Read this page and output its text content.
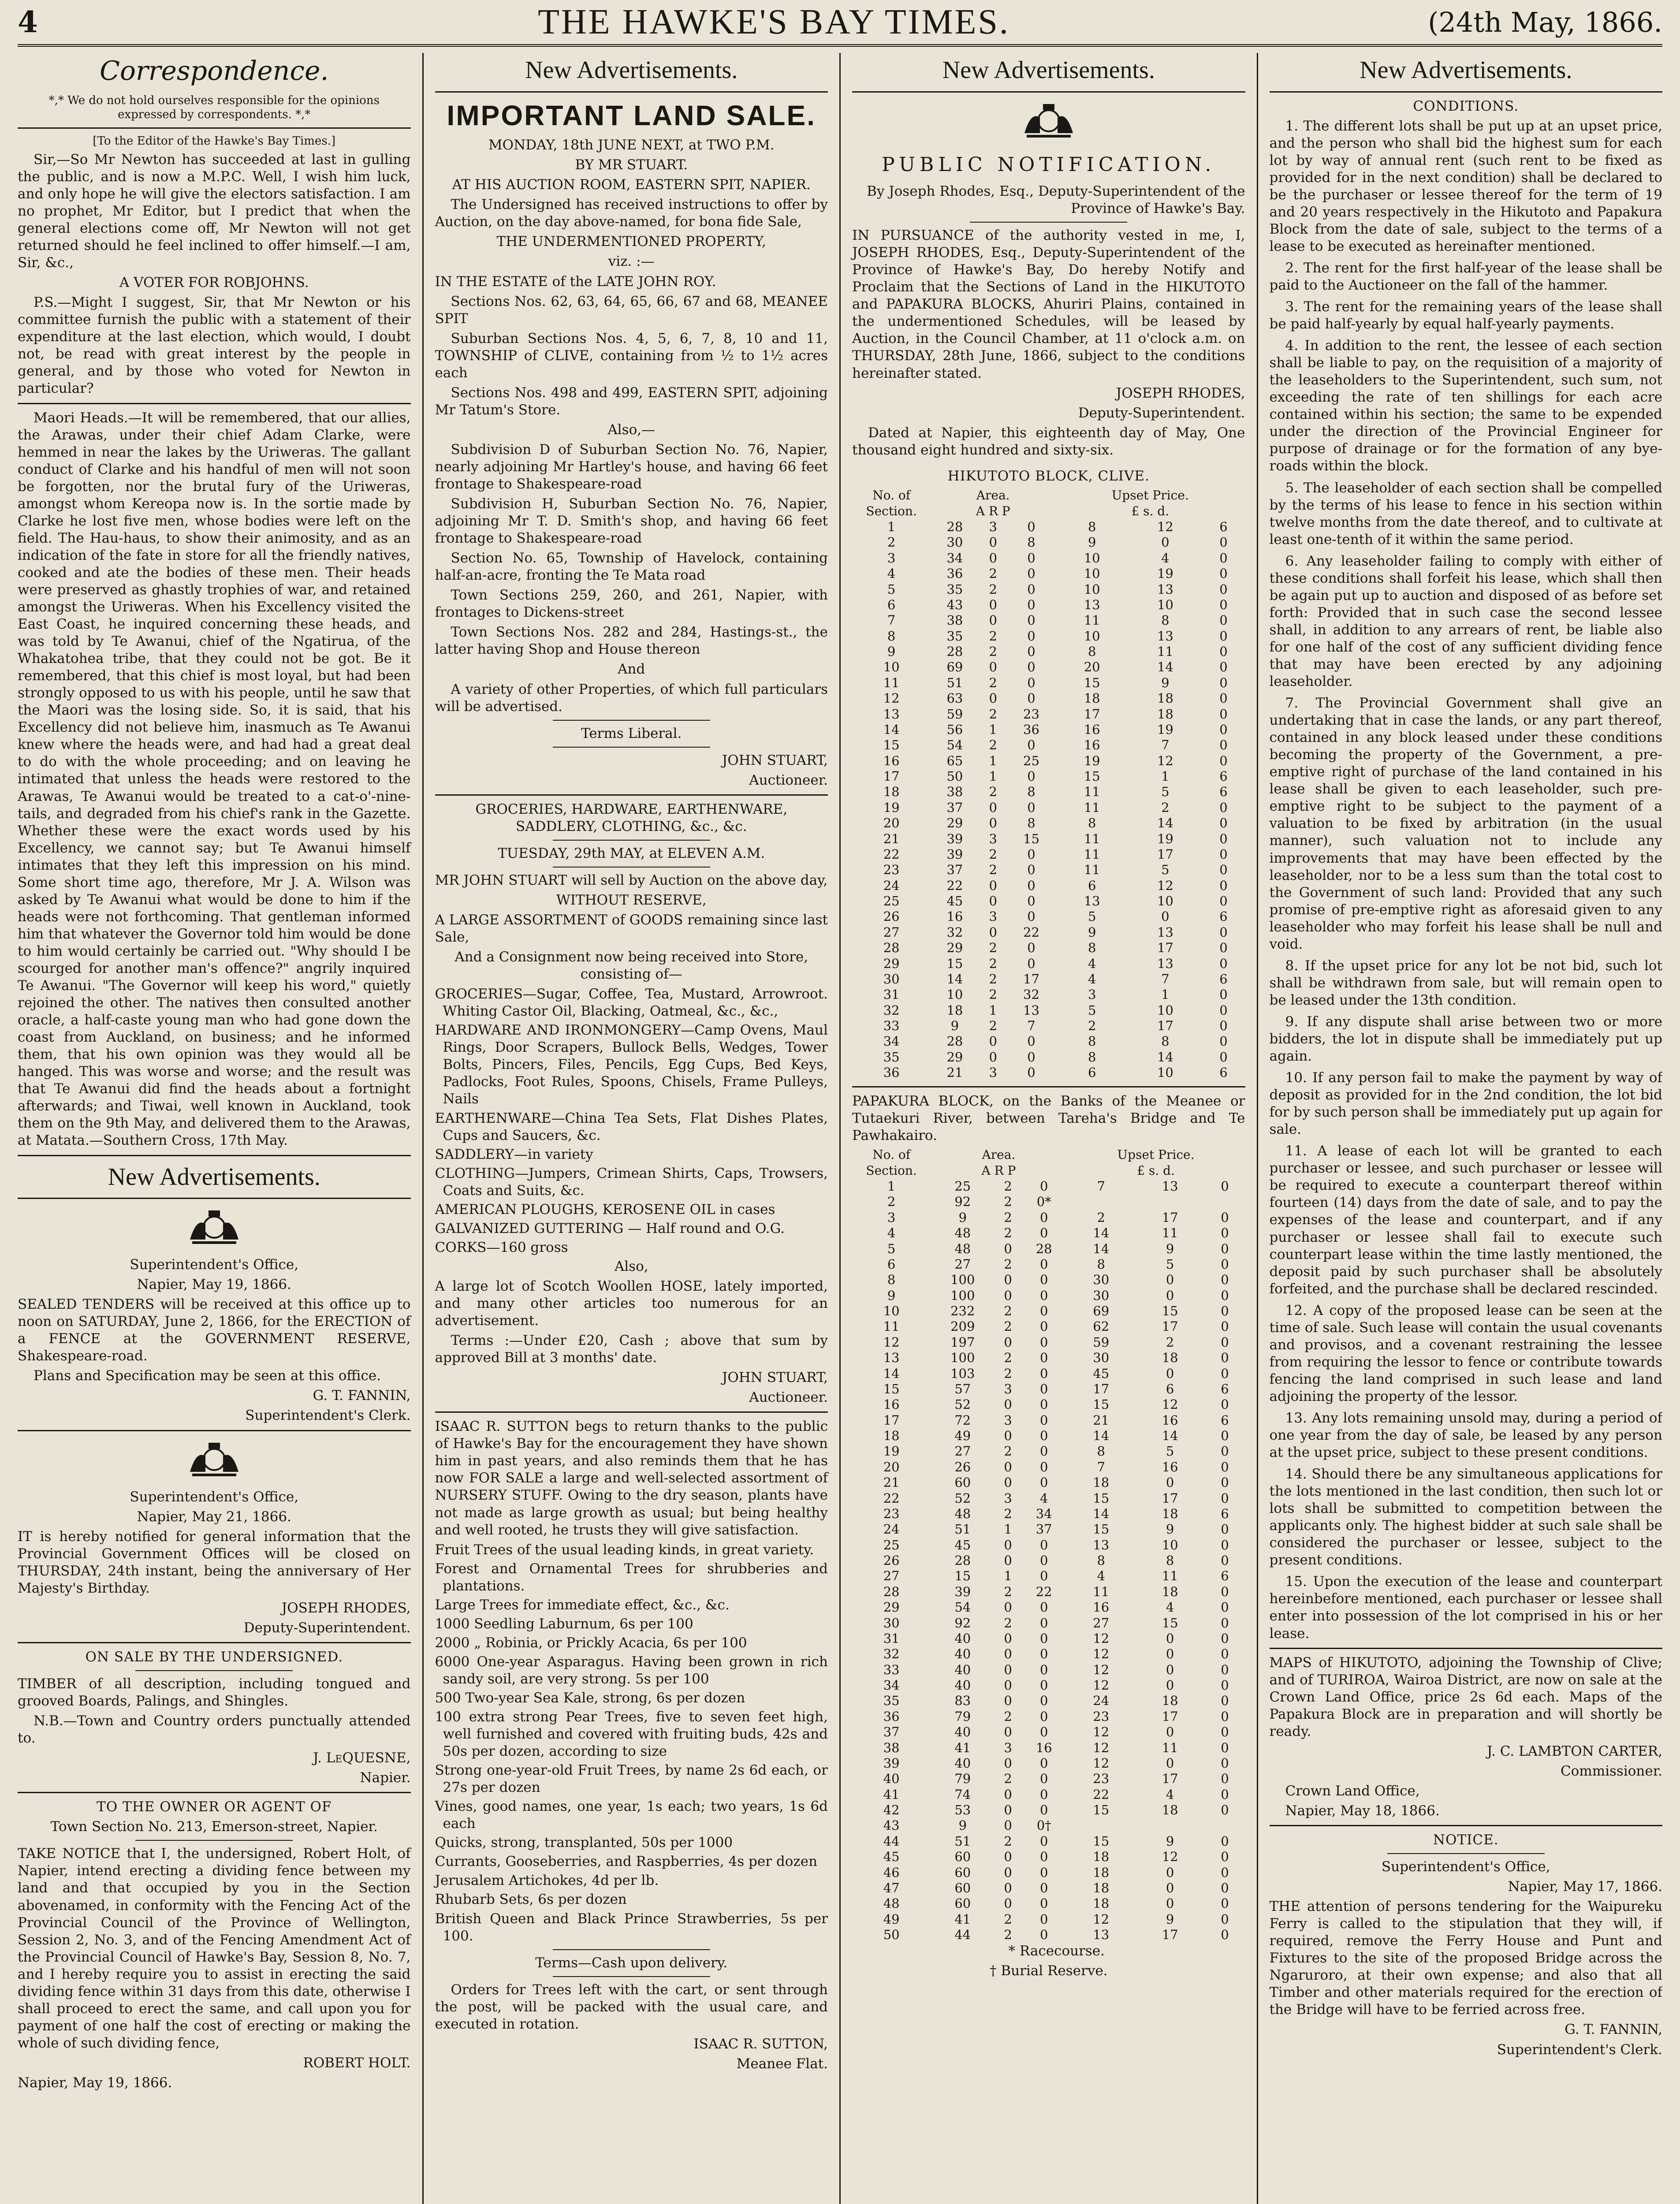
4	THE HAWKE'S BAY TIMES.	(24th May, 1866.
Correspondence.

*,* We do not hold ourselves responsible for the opinions expressed by correspondents. *,*

[To the Editor of the Hawke's Bay Times.]

Sir,—So Mr Newton has succeeded at last in gulling the public, and is now a M.P.C. Well, I wish him luck, and only hope he will give the electors satisfaction. I am no prophet, Mr Editor, but I predict that when the general elections come off, Mr Newton will not get returned should he feel inclined to offer himself.—I am, Sir, &c.,

A VOTER FOR ROBJOHNS.

P.S.—Might I suggest, Sir, that Mr Newton or his committee furnish the public with a statement of their expenditure at the last election, which would, I doubt not, be read with great interest by the people in general, and by those who voted for Newton in particular?

Maori Heads.—It will be remembered, that our allies, the Arawas, under their chief Adam Clarke, were hemmed in near the lakes by the Uriweras. The gallant conduct of Clarke and his handful of men will not soon be forgotten, nor the brutal fury of the Uriweras, amongst whom Kereopa now is. In the sortie made by Clarke he lost five men, whose bodies were left on the field. The Hau-haus, to show their animosity, and as an indication of the fate in store for all the friendly natives, cooked and ate the bodies of these men. Their heads were preserved as ghastly trophies of war, and retained amongst the Uriweras. When his Excellency visited the East Coast, he inquired concerning these heads, and was told by Te Awanui, chief of the Ngatirua, of the Whakatohea tribe, that they could not be got. Be it remembered, that this chief is most loyal, but had been strongly opposed to us with his people, until he saw that the Maori was the losing side. So, it is said, that his Excellency did not believe him, inasmuch as Te Awanui knew where the heads were, and had had a great deal to do with the whole proceeding; and on leaving he intimated that unless the heads were restored to the Arawas, Te Awanui would be treated to a cat-o'-nine-tails, and degraded from his chief's rank in the Gazette. Whether these were the exact words used by his Excellency, we cannot say; but Te Awanui himself intimates that they left this impression on his mind. Some short time ago, therefore, Mr J. A. Wilson was asked by Te Awanui what would be done to him if the heads were not forthcoming. That gentleman informed him that whatever the Governor told him would be done to him would certainly be carried out. "Why should I be scourged for another man's offence?" angrily inquired Te Awanui. "The Governor will keep his word," quietly rejoined the other. The natives then consulted another oracle, a half-caste young man who had gone down the coast from Auckland, on business; and he informed them, that his own opinion was they would all be hanged. This was worse and worse; and the result was that Te Awanui did find the heads about a fortnight afterwards; and Tiwai, well known in Auckland, took them on the 9th May, and delivered them to the Arawas, at Matata.—Southern Cross, 17th May.

New Advertisements.

Superintendent's Office,

Napier, May 19, 1866.

SEALED TENDERS will be received at this office up to noon on SATURDAY, June 2, 1866, for the ERECTION of a FENCE at the GOVERNMENT RESERVE, Shakespeare-road.

Plans and Specification may be seen at this office.

G. T. FANNIN,

Superintendent's Clerk.

Superintendent's Office,

Napier, May 21, 1866.

IT is hereby notified for general information that the Provincial Government Offices will be closed on THURSDAY, 24th instant, being the anniversary of Her Majesty's Birthday.

JOSEPH RHODES,

Deputy-Superintendent.

ON SALE BY THE UNDERSIGNED.

TIMBER of all description, including tongued and grooved Boards, Palings, and Shingles.

N.B.—Town and Country orders punctually attended to.

J. LeQUESNE,

Napier.

TO THE OWNER OR AGENT OF

Town Section No. 213, Emerson-street, Napier.

TAKE NOTICE that I, the undersigned, Robert Holt, of Napier, intend erecting a dividing fence between my land and that occupied by you in the Section abovenamed, in conformity with the Fencing Act of the Provincial Council of the Province of Wellington, Session 2, No. 3, and of the Fencing Amendment Act of the Provincial Council of Hawke's Bay, Session 8, No. 7, and I hereby require you to assist in erecting the said dividing fence within 31 days from this date, otherwise I shall proceed to erect the same, and call upon you for payment of one half the cost of erecting or making the whole of such dividing fence,

ROBERT HOLT.

Napier, May 19, 1866.

New Advertisements.
IMPORTANT LAND SALE.

MONDAY, 18th JUNE NEXT, at TWO P.M.

BY MR STUART.

AT HIS AUCTION ROOM, EASTERN SPIT, NAPIER.

The Undersigned has received instructions to offer by Auction, on the day above-named, for bona fide Sale,

THE UNDERMENTIONED PROPERTY,

viz. :—

IN THE ESTATE of the LATE JOHN ROY.

Sections Nos. 62, 63, 64, 65, 66, 67 and 68, MEANEE SPIT

Suburban Sections Nos. 4, 5, 6, 7, 8, 10 and 11, TOWNSHIP of CLIVE, containing from ½ to 1½ acres each

Sections Nos. 498 and 499, EASTERN SPIT, adjoining Mr Tatum's Store.

Also,—

Subdivision D of Suburban Section No. 76, Napier, nearly adjoining Mr Hartley's house, and having 66 feet frontage to Shakespeare-road

Subdivision H, Suburban Section No. 76, Napier, adjoining Mr T. D. Smith's shop, and having 66 feet frontage to Shakespeare-road

Section No. 65, Township of Havelock, containing half-an-acre, fronting the Te Mata road

Town Sections 259, 260, and 261, Napier, with frontages to Dickens-street

Town Sections Nos. 282 and 284, Hastings-st., the latter having Shop and House thereon

And

A variety of other Properties, of which full particulars will be advertised.

Terms Liberal.

JOHN STUART,

Auctioneer.

GROCERIES, HARDWARE, EARTHENWARE, SADDLERY, CLOTHING, &c., &c.

TUESDAY, 29th MAY, at ELEVEN A.M.

MR JOHN STUART will sell by Auction on the above day,

WITHOUT RESERVE,

A LARGE ASSORTMENT of GOODS remaining since last Sale,

And a Consignment now being received into Store, consisting of—

GROCERIES—Sugar, Coffee, Tea, Mustard, Arrowroot. Whiting Castor Oil, Blacking, Oatmeal, &c., &c.,
HARDWARE AND IRONMONGERY—Camp Ovens, Maul Rings, Door Scrapers, Bullock Bells, Wedges, Tower Bolts, Pincers, Files, Pencils, Egg Cups, Bed Keys, Padlocks, Foot Rules, Spoons, Chisels, Frame Pulleys, Nails
EARTHENWARE—China Tea Sets, Flat Dishes Plates, Cups and Saucers, &c.
SADDLERY—in variety
CLOTHING—Jumpers, Crimean Shirts, Caps, Trowsers, Coats and Suits, &c.
AMERICAN PLOUGHS, KEROSENE OIL in cases
GALVANIZED GUTTERING — Half round and O.G.
CORKS—160 gross

Also,

A large lot of Scotch Woollen HOSE, lately imported, and many other articles too numerous for an advertisement.

Terms :—Under £20, Cash ; above that sum by approved Bill at 3 months' date.

JOHN STUART,

Auctioneer.

ISAAC R. SUTTON begs to return thanks to the public of Hawke's Bay for the encouragement they have shown him in past years, and also reminds them that he has now FOR SALE a large and well-selected assortment of NURSERY STUFF. Owing to the dry season, plants have not made as large growth as usual; but being healthy and well rooted, he trusts they will give satisfaction.

Fruit Trees of the usual leading kinds, in great variety.
Forest and Ornamental Trees for shrubberies and plantations.
Large Trees for immediate effect, &c., &c.
1000 Seedling Laburnum, 6s per 100
2000 „ Robinia, or Prickly Acacia, 6s per 100
6000 One-year Asparagus. Having been grown in rich sandy soil, are very strong. 5s per 100
500 Two-year Sea Kale, strong, 6s per dozen
100 extra strong Pear Trees, five to seven feet high, well furnished and covered with fruiting buds, 42s and 50s per dozen, according to size
Strong one-year-old Fruit Trees, by name 2s 6d each, or 27s per dozen
Vines, good names, one year, 1s each; two years, 1s 6d each
Quicks, strong, transplanted, 50s per 1000
Currants, Gooseberries, and Raspberries, 4s per dozen
Jerusalem Artichokes, 4d per lb.
Rhubarb Sets, 6s per dozen
British Queen and Black Prince Strawberries, 5s per 100.

Terms—Cash upon delivery.

Orders for Trees left with the cart, or sent through the post, will be packed with the usual care, and executed in rotation.

ISAAC R. SUTTON,

Meanee Flat.

New Advertisements.
PUBLIC NOTIFICATION.

By Joseph Rhodes, Esq., Deputy-Superintendent of the Province of Hawke's Bay.

IN PURSUANCE of the authority vested in me, I, JOSEPH RHODES, Esq., Deputy-Superintendent of the Province of Hawke's Bay, Do hereby Notify and Proclaim that the Sections of Land in the HIKUTOTO and PAPAKURA BLOCKS, Ahuriri Plains, contained in the undermentioned Schedules, will be leased by Auction, in the Council Chamber, at 11 o'clock a.m. on THURSDAY, 28th June, 1866, subject to the conditions hereinafter stated.

JOSEPH RHODES,

Deputy-Superintendent.

Dated at Napier, this eighteenth day of May, One thousand eight hundred and sixty-six.

HIKUTOTO BLOCK, CLIVE.

No. of	Area.			Upset Price.		
Section.	A R P			£ s. d.		
1	28	3	0	8	12	6
2	30	0	8	9	0	0
3	34	0	0	10	4	0
4	36	2	0	10	19	0
5	35	2	0	10	13	0
6	43	0	0	13	10	0
7	38	0	0	11	8	0
8	35	2	0	10	13	0
9	28	2	0	8	11	0
10	69	0	0	20	14	0
11	51	2	0	15	9	0
12	63	0	0	18	18	0
13	59	2	23	17	18	0
14	56	1	36	16	19	0
15	54	2	0	16	7	0
16	65	1	25	19	12	0
17	50	1	0	15	1	6
18	38	2	8	11	5	6
19	37	0	0	11	2	0
20	29	0	8	8	14	0
21	39	3	15	11	19	0
22	39	2	0	11	17	0
23	37	2	0	11	5	0
24	22	0	0	6	12	0
25	45	0	0	13	10	0
26	16	3	0	5	0	6
27	32	0	22	9	13	0
28	29	2	0	8	17	0
29	15	2	0	4	13	0
30	14	2	17	4	7	6
31	10	2	32	3	1	0
32	18	1	13	5	10	0
33	9	2	7	2	17	0
34	28	0	0	8	8	0
35	29	0	0	8	14	0
36	21	3	0	6	10	6

PAPAKURA BLOCK, on the Banks of the Meanee or Tutaekuri River, between Tareha's Bridge and Te Pawhakairo.

No. of	Area.			Upset Price.		
Section.	A R P			£ s. d.		
1	25	2	0	7	13	0
2	92	2	0*			
3	9	2	0	2	17	0
4	48	2	0	14	11	0
5	48	0	28	14	9	0
6	27	2	0	8	5	0
8	100	0	0	30	0	0
9	100	0	0	30	0	0
10	232	2	0	69	15	0
11	209	2	0	62	17	0
12	197	0	0	59	2	0
13	100	2	0	30	18	0
14	103	2	0	45	0	0
15	57	3	0	17	6	6
16	52	0	0	15	12	0
17	72	3	0	21	16	6
18	49	0	0	14	14	0
19	27	2	0	8	5	0
20	26	0	0	7	16	0
21	60	0	0	18	0	0
22	52	3	4	15	17	0
23	48	2	34	14	18	6
24	51	1	37	15	9	0
25	45	0	0	13	10	0
26	28	0	0	8	8	0
27	15	1	0	4	11	6
28	39	2	22	11	18	0
29	54	0	0	16	4	0
30	92	2	0	27	15	0
31	40	0	0	12	0	0
32	40	0	0	12	0	0
33	40	0	0	12	0	0
34	40	0	0	12	0	0
35	83	0	0	24	18	0
36	79	2	0	23	17	0
37	40	0	0	12	0	0
38	41	3	16	12	11	0
39	40	0	0	12	0	0
40	79	2	0	23	17	0
41	74	0	0	22	4	0
42	53	0	0	15	18	0
43	9	0	0†			
44	51	2	0	15	9	0
45	60	0	0	18	12	0
46	60	0	0	18	0	0
47	60	0	0	18	0	0
48	60	0	0	18	0	0
49	41	2	0	12	9	0
50	44	2	0	13	17	0

* Racecourse.

† Burial Reserve.

New Advertisements.

CONDITIONS.

1. The different lots shall be put up at an upset price, and the person who shall bid the highest sum for each lot by way of annual rent (such rent to be fixed as provided for in the next condition) shall be declared to be the purchaser or lessee thereof for the term of 19 and 20 years respectively in the Hikutoto and Papakura Block from the date of sale, subject to the terms of a lease to be executed as hereinafter mentioned.
2. The rent for the first half-year of the lease shall be paid to the Auctioneer on the fall of the hammer.
3. The rent for the remaining years of the lease shall be paid half-yearly by equal half-yearly payments.
4. In addition to the rent, the lessee of each section shall be liable to pay, on the requisition of a majority of the leaseholders to the Superintendent, such sum, not exceeding the rate of ten shillings for each acre contained within his section; the same to be expended under the direction of the Provincial Engineer for purpose of drainage or for the formation of any bye-roads within the block.
5. The leaseholder of each section shall be compelled by the terms of his lease to fence in his section within twelve months from the date thereof, and to cultivate at least one-tenth of it within the same period.
6. Any leaseholder failing to comply with either of these conditions shall forfeit his lease, which shall then be again put up to auction and disposed of as before set forth: Provided that in such case the second lessee shall, in addition to any arrears of rent, be liable also for one half of the cost of any sufficient dividing fence that may have been erected by any adjoining leaseholder.
7. The Provincial Government shall give an undertaking that in case the lands, or any part thereof, contained in any block leased under these conditions becoming the property of the Government, a pre-emptive right of purchase of the land contained in his lease shall be given to each leaseholder, such pre-emptive right to be subject to the payment of a valuation to be fixed by arbitration (in the usual manner), such valuation not to include any improvements that may have been effected by the leaseholder, nor to be a less sum than the total cost to the Government of such land: Provided that any such promise of pre-emptive right as aforesaid given to any leaseholder who may forfeit his lease shall be null and void.
8. If the upset price for any lot be not bid, such lot shall be withdrawn from sale, but will remain open to be leased under the 13th condition.
9. If any dispute shall arise between two or more bidders, the lot in dispute shall be immediately put up again.
10. If any person fail to make the payment by way of deposit as provided for in the 2nd condition, the lot bid for by such person shall be immediately put up again for sale.
11. A lease of each lot will be granted to each purchaser or lessee, and such purchaser or lessee will be required to execute a counterpart thereof within fourteen (14) days from the date of sale, and to pay the expenses of the lease and counterpart, and if any purchaser or lessee shall fail to execute such counterpart lease within the time lastly mentioned, the deposit paid by such purchaser shall be absolutely forfeited, and the purchase shall be declared rescinded.
12. A copy of the proposed lease can be seen at the time of sale. Such lease will contain the usual covenants and provisos, and a covenant restraining the lessee from requiring the lessor to fence or contribute towards fencing the land comprised in such lease and land adjoining the property of the lessor.
13. Any lots remaining unsold may, during a period of one year from the day of sale, be leased by any person at the upset price, subject to these present conditions.
14. Should there be any simultaneous applications for the lots mentioned in the last condition, then such lot or lots shall be submitted to competition between the applicants only. The highest bidder at such sale shall be considered the purchaser or lessee, subject to the present conditions.
15. Upon the execution of the lease and counterpart hereinbefore mentioned, each purchaser or lessee shall enter into possession of the lot comprised in his or her lease.

MAPS of HIKUTOTO, adjoining the Township of Clive; and of TURIROA, Wairoa District, are now on sale at the Crown Land Office, price 2s 6d each. Maps of the Papakura Block are in preparation and will shortly be ready.

J. C. LAMBTON CARTER,

Commissioner.

Crown Land Office,

Napier, May 18, 1866.

NOTICE.

Superintendent's Office,

Napier, May 17, 1866.

THE attention of persons tendering for the Waipureku Ferry is called to the stipulation that they will, if required, remove the Ferry House and Punt and Fixtures to the site of the proposed Bridge across the Ngaruroro, at their own expense; and also that all Timber and other materials required for the erection of the Bridge will have to be ferried across free.

G. T. FANNIN,

Superintendent's Clerk.
